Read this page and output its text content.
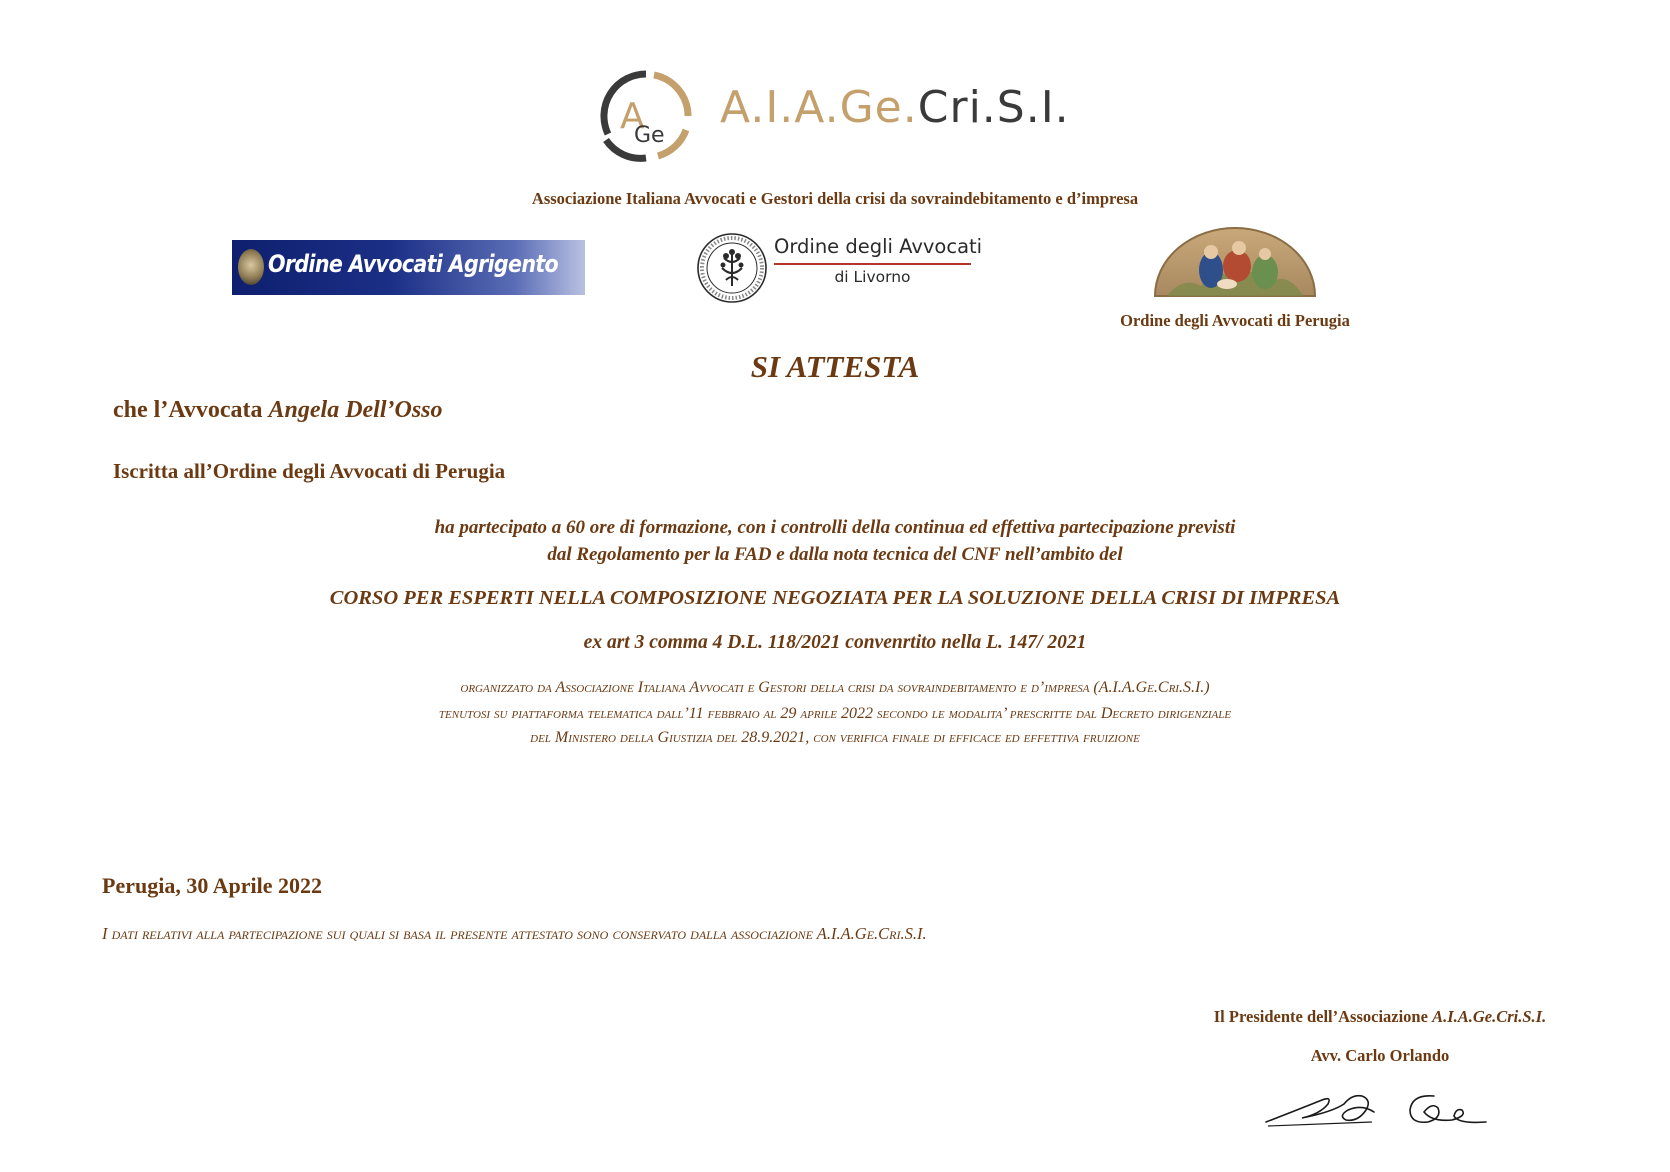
A
Ge
A.I.A.Ge.Cri.S.I.
Associazione Italiana Avvocati e Gestori della crisi da sovraindebitamento e d’impresa
Ordine Avvocati Agrigento
Ordine degli Avvocati
di Livorno
Ordine degli Avvocati di Perugia
SI ATTESTA
che l’Avvocata Angela Dell’Osso
Iscritta all’Ordine degli Avvocati di Perugia
ha partecipato a 60 ore di formazione, con i controlli della continua ed effettiva partecipazione previsti
dal Regolamento per la FAD e dalla nota tecnica del CNF nell’ambito del
CORSO PER ESPERTI NELLA COMPOSIZIONE NEGOZIATA PER LA SOLUZIONE DELLA CRISI DI IMPRESA
ex art 3 comma 4 D.L. 118/2021 convenrtito nella L. 147/ 2021
organizzato da Associazione Italiana Avvocati e Gestori della crisi da sovraindebitamento e d’impresa (A.I.A.Ge.Cri.S.I.)
tenutosi su piattaforma telematica dall’11 febbraio al 29 aprile 2022 secondo le modalita’ prescritte dal Decreto dirigenziale
del Ministero della Giustizia del 28.9.2021, con verifica finale di efficace ed effettiva fruizione
Perugia, 30 Aprile 2022
I dati relativi alla partecipazione sui quali si basa il presente attestato sono conservato dalla associazione A.I.A.Ge.Cri.S.I.
Il Presidente dell’Associazione A.I.A.Ge.Cri.S.I.
Avv. Carlo Orlando
